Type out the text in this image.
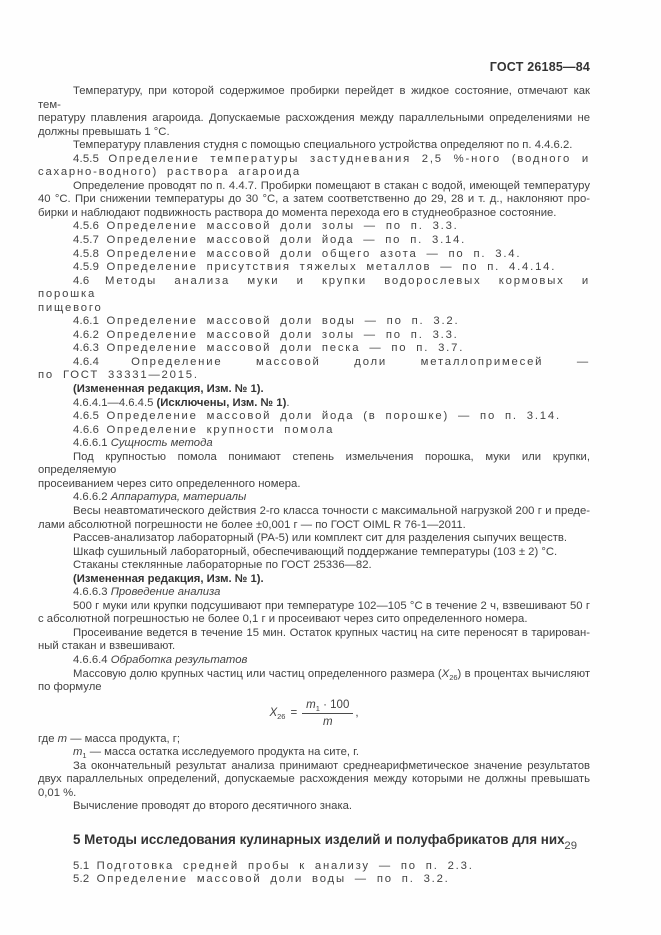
ГОСТ 26185—84
Температуру, при которой содержимое пробирки перейдет в жидкое состояние, отмечают как тем-
пературу плавления агароида. Допускаемые расхождения между параллельными определениями не
должны превышать 1 °С.
Температуру плавления студня с помощью специального устройства определяют по п. 4.4.6.2.
4.5.5 Определение температуры застудневания 2,5 %-ного (водного и
сахарно-водного) раствора агароида
Определение проводят по п. 4.4.7. Пробирки помещают в стакан с водой, имеющей температуру
40 °С. При снижении температуры до 30 °С, а затем соответственно до 29, 28 и т. д., наклоняют про-
бирки и наблюдают подвижность раствора до момента перехода его в студнеобразное состояние.
4.5.6 Определение массовой доли золы — по п. 3.3.
4.5.7 Определение массовой доли йода — по п. 3.14.
4.5.8 Определение массовой доли общего азота — по п. 3.4.
4.5.9 Определение присутствия тяжелых металлов — по п. 4.4.14.
4.6 Методы анализа муки и крупки водорослевых кормовых и порошка
пищевого
4.6.1 Определение массовой доли воды — по п. 3.2.
4.6.2 Определение массовой доли золы — по п. 3.3.
4.6.3 Определение массовой доли песка — по п. 3.7.
4.6.4 Определение массовой доли металлопримесей —
по ГОСТ 33331—2015.
(Измененная редакция, Изм. № 1).
4.6.4.1—4.6.4.5 (Исключены, Изм. № 1).
4.6.5 Определение массовой доли йода (в порошке) — по п. 3.14.
4.6.6 Определение крупности помола
4.6.6.1 Сущность метода
Под крупностью помола понимают степень измельчения порошка, муки или крупки, определяемую
просеиванием через сито определенного номера.
4.6.6.2 Аппаратура, материалы
Весы неавтоматического действия 2-го класса точности с максимальной нагрузкой 200 г и преде-
лами абсолютной погрешности не более ±0,001 г — по ГОСТ OIML R 76-1—2011.
Рассев-анализатор лабораторный (РА-5) или комплект сит для разделения сыпучих веществ.
Шкаф сушильный лабораторный, обеспечивающий поддержание температуры (103 ± 2) °С.
Стаканы стеклянные лабораторные по ГОСТ 25336—82.
(Измененная редакция, Изм. № 1).
4.6.6.3 Проведение анализа
500 г муки или крупки подсушивают при температуре 102—105 °С в течение 2 ч, взвешивают 50 г
с абсолютной погрешностью не более 0,1 г и просеивают через сито определенного номера.
Просеивание ведется в течение 15 мин. Остаток крупных частиц на сите переносят в тарирован-
ный стакан и взвешивают.
4.6.6.4 Обработка результатов
Массовую долю крупных частиц или частиц определенного размера $(X_{26})$ в процентах вычисляют
по формуле
$X_{26} = \frac{m_1 \cdot 100}{m}$ ,
где m — масса продукта, г;
$m_1$ — масса остатка исследуемого продукта на сите, г.
За окончательный результат анализа принимают среднеарифметическое значение результатов
двух параллельных определений, допускаемые расхождения между которыми не должны превышать
0,01 %.
Вычисление проводят до второго десятичного знака.
5 Методы исследования кулинарных изделий и полуфабрикатов для них
5.1 Подготовка средней пробы к анализу — по п. 2.3.
5.2 Определение массовой доли воды — по п. 3.2.
29
